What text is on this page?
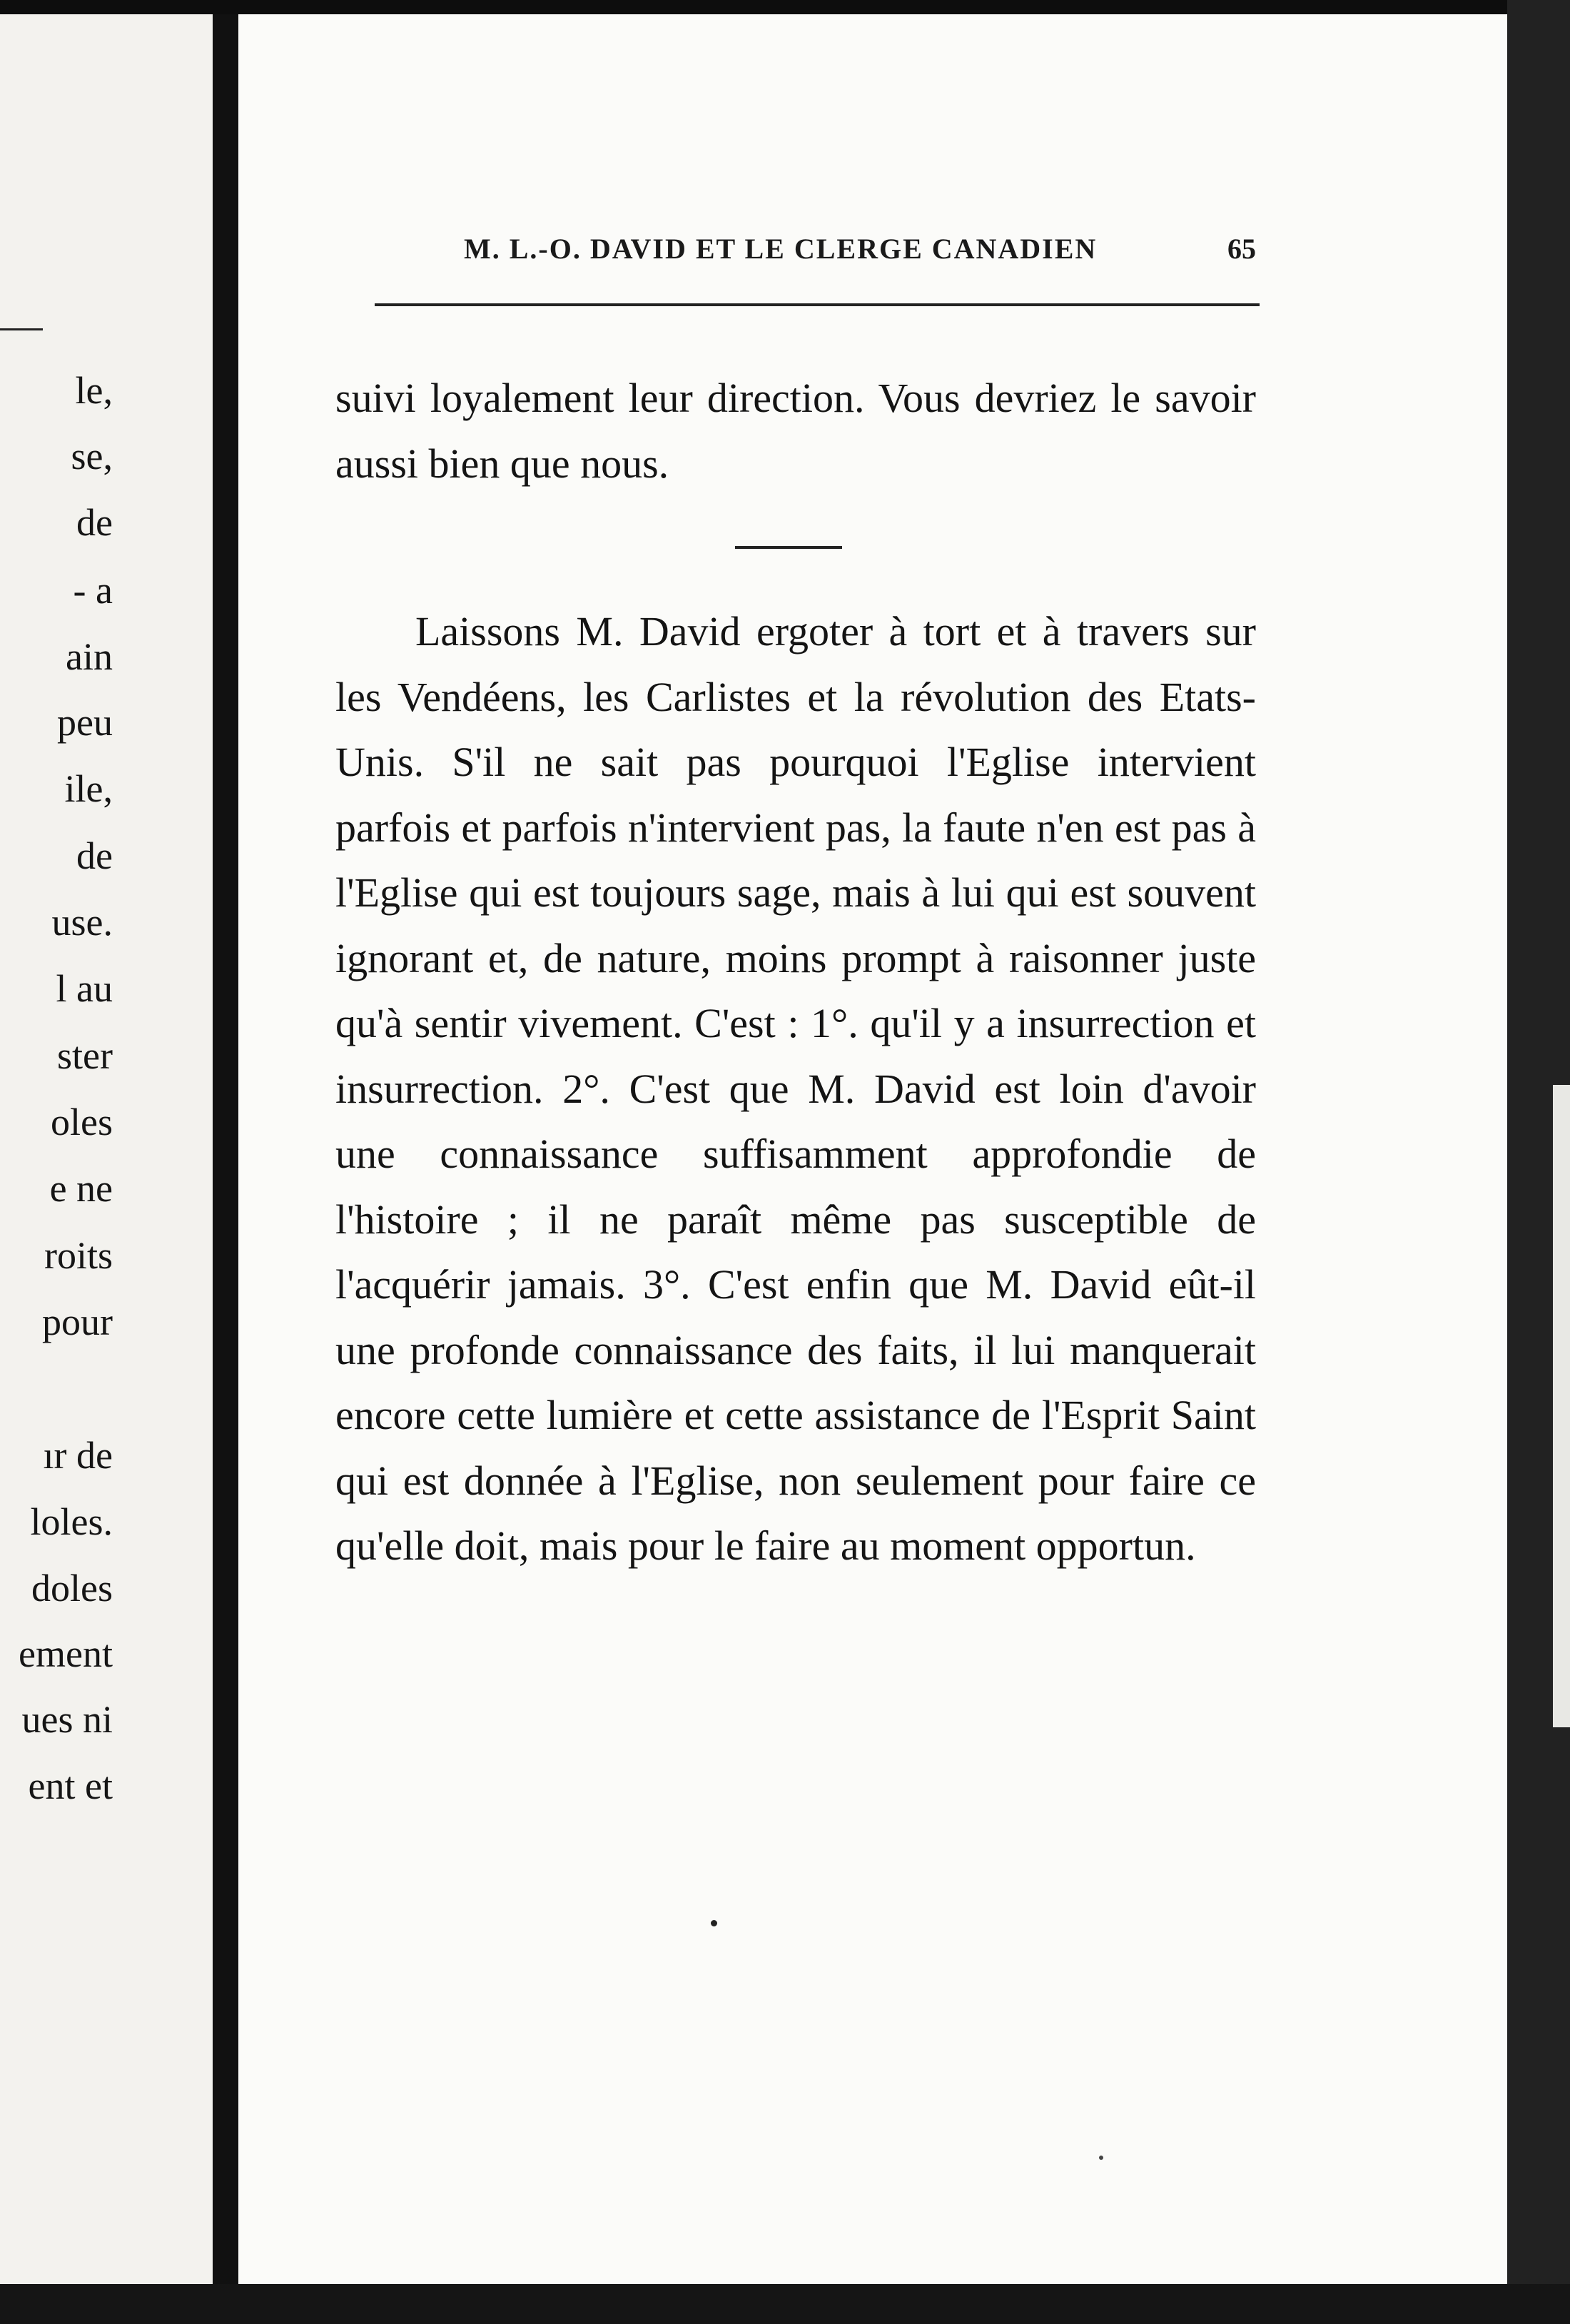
le,
se,
de
- a
ain
peu
ile,
de
use.
l au
ster
oles
e ne
roits
pour
ır de
loles.
doles
ement
ues ni
ent et
M. L.-O. DAVID ET LE CLERGE CANADIEN	65

suivi loyalement leur direction. Vous devriez le savoir aussi bien que nous.

Laissons M. David ergoter à tort et à travers sur les Vendéens, les Carlistes et la révolution des Etats-Unis. S'il ne sait pas pourquoi l'Eglise intervient parfois et parfois n'intervient pas, la faute n'en est pas à l'Eglise qui est toujours sage, mais à lui qui est souvent ignorant et, de nature, moins prompt à raisonner juste qu'à sentir vivement. C'est : 1°. qu'il y a insurrection et insurrection. 2°. C'est que M. David est loin d'avoir une connaissance suffisamment approfondie de l'histoire ; il ne paraît même pas susceptible de l'acquérir jamais. 3°. C'est enfin que M. David eût-il une profonde connaissance des faits, il lui manquerait encore cette lumière et cette assistance de l'Esprit Saint qui est donnée à l'Eglise, non seulement pour faire ce qu'elle doit, mais pour le faire au moment opportun.
